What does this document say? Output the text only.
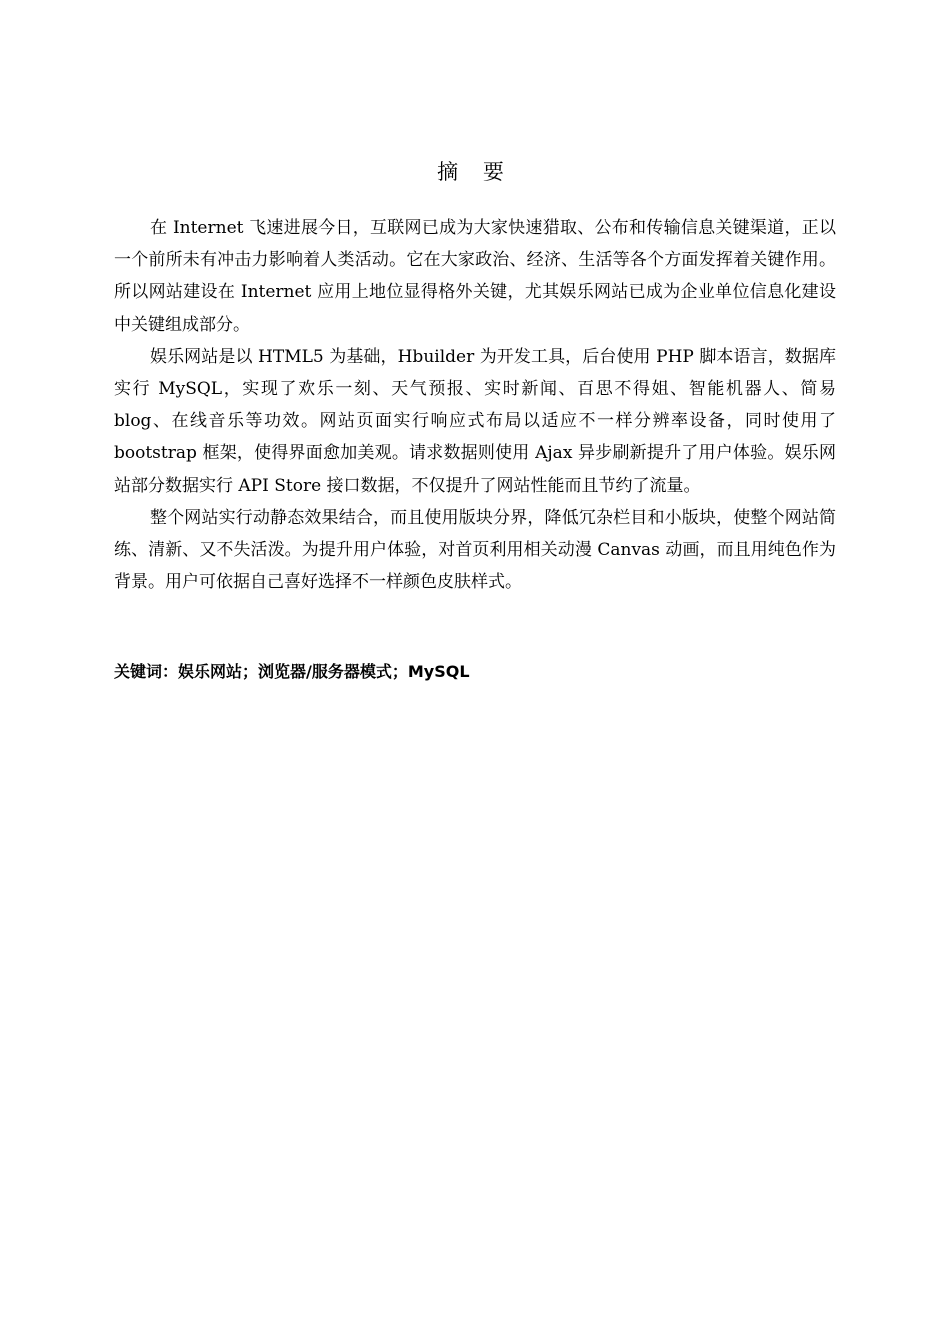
摘 要

在 Internet 飞速进展今日，互联网已成为大家快速猎取、公布和传输信息关键渠道，正以一个前所未有冲击力影响着人类活动。它在大家政治、经济、生活等各个方面发挥着关键作用。所以网站建设在 Internet 应用上地位显得格外关键，尤其娱乐网站已成为企业单位信息化建设中关键组成部分。

娱乐网站是以 HTML5 为基础，Hbuilder 为开发工具，后台使用 PHP 脚本语言，数据库实行 MySQL，实现了欢乐一刻、天气预报、实时新闻、百思不得姐、智能机器人、简易 blog、在线音乐等功效。网站页面实行响应式布局以适应不一样分辨率设备，同时使用了 bootstrap 框架，使得界面愈加美观。请求数据则使用 Ajax 异步刷新提升了用户体验。娱乐网站部分数据实行 API Store 接口数据，不仅提升了网站性能而且节约了流量。

整个网站实行动静态效果结合，而且使用版块分界，降低冗杂栏目和小版块，使整个网站简练、清新、又不失活泼。为提升用户体验，对首页利用相关动漫 Canvas 动画，而且用纯色作为背景。用户可依据自己喜好选择不一样颜色皮肤样式。

关键词：娱乐网站；浏览器/服务器模式；MySQL
